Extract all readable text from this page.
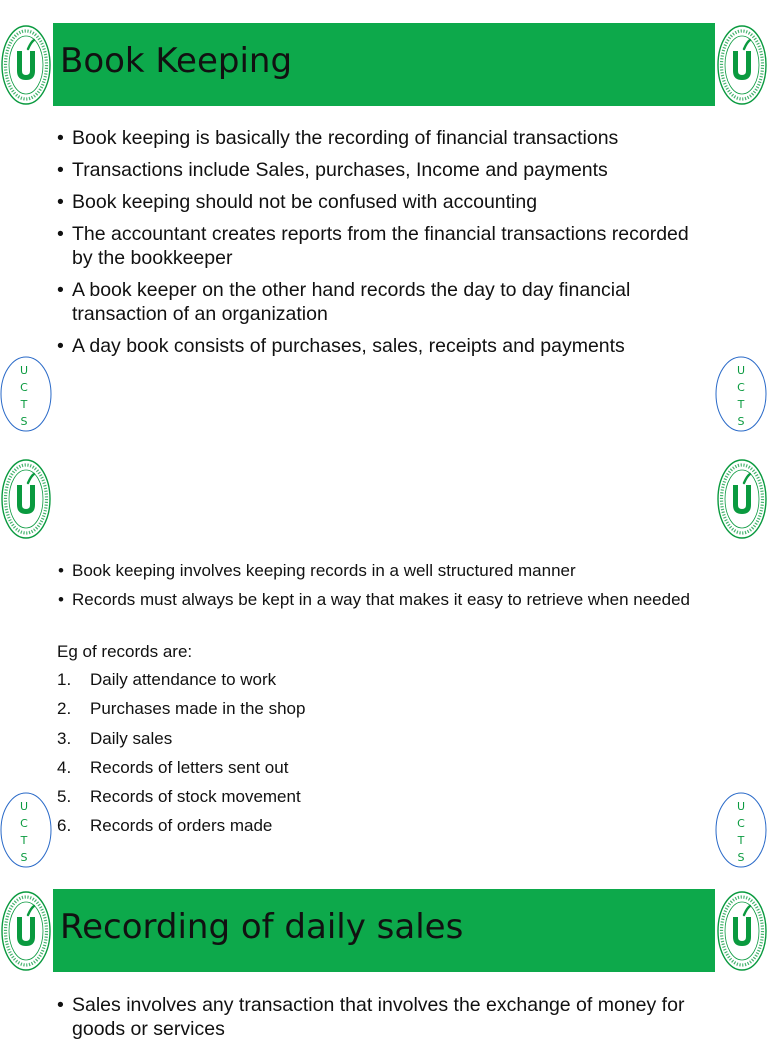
Book Keeping
• Book keeping is basically the recording of financial transactions
• Transactions include Sales, purchases, Income and payments
• Book keeping should not be confused with accounting
• The accountant creates reports from the financial transactions recorded by the bookkeeper
• A book keeper on the other hand records the day to day financial transaction of an organization
• A day book consists of purchases, sales, receipts and payments
U
C
T
S
U
C
T
S
• Book keeping involves keeping records in a well structured manner
• Records must always be kept in a way that makes it easy to retrieve when needed
Eg of records are:
1.	Daily attendance to work
2.	Purchases made in the shop
3.	Daily sales
4.	Records of letters sent out
5.	Records of stock movement
6.	Records of orders made
U
C
T
S
U
C
T
S
Recording of daily sales
• Sales involves any transaction that involves the exchange of money for goods or services
